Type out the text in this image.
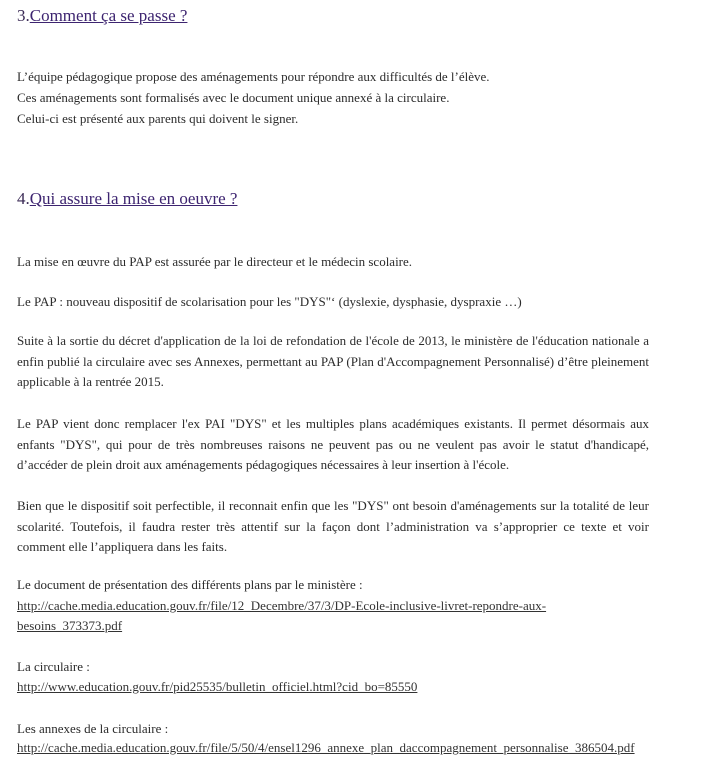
3.Comment ça se passe ?
L’équipe pédagogique propose des aménagements pour répondre aux difficultés de l’élève.
Ces aménagements sont formalisés avec le document unique annexé à la circulaire.
Celui-ci est présenté aux parents qui doivent le signer.
4.Qui assure la mise en oeuvre ?
La mise en œuvre du PAP est assurée par le directeur et le médecin scolaire.
Le PAP : nouveau dispositif de scolarisation pour les "DYS"‘ (dyslexie, dysphasie, dyspraxie …)
Suite à la sortie du décret d'application de la loi de refondation de l'école de 2013, le ministère de l'éducation nationale a enfin publié la circulaire avec ses Annexes, permettant au PAP (Plan d'Accompagnement Personnalisé) d’être pleinement applicable à la rentrée 2015.
Le PAP vient donc remplacer l'ex PAI "DYS" et les multiples plans académiques existants. Il permet désormais aux enfants "DYS", qui pour de très nombreuses raisons ne peuvent pas ou ne veulent pas avoir le statut d'handicapé, d’accéder de plein droit aux aménagements pédagogiques nécessaires à leur insertion à l'école.
Bien que le dispositif soit perfectible, il reconnait enfin que les "DYS" ont besoin d'aménagements sur la totalité de leur scolarité. Toutefois, il faudra rester très attentif sur la façon dont l’administration va s’approprier ce texte et voir comment elle l’appliquera dans les faits.
Le document de présentation des différents plans par le ministère :
http://cache.media.education.gouv.fr/file/12_Decembre/37/3/DP-Ecole-inclusive-livret-repondre-aux-
besoins_373373.pdf
La circulaire :
http://www.education.gouv.fr/pid25535/bulletin_officiel.html?cid_bo=85550
Les annexes de la circulaire :
http://cache.media.education.gouv.fr/file/5/50/4/ensel1296_annexe_plan_daccompagnement_personnalise_386504.pdf
